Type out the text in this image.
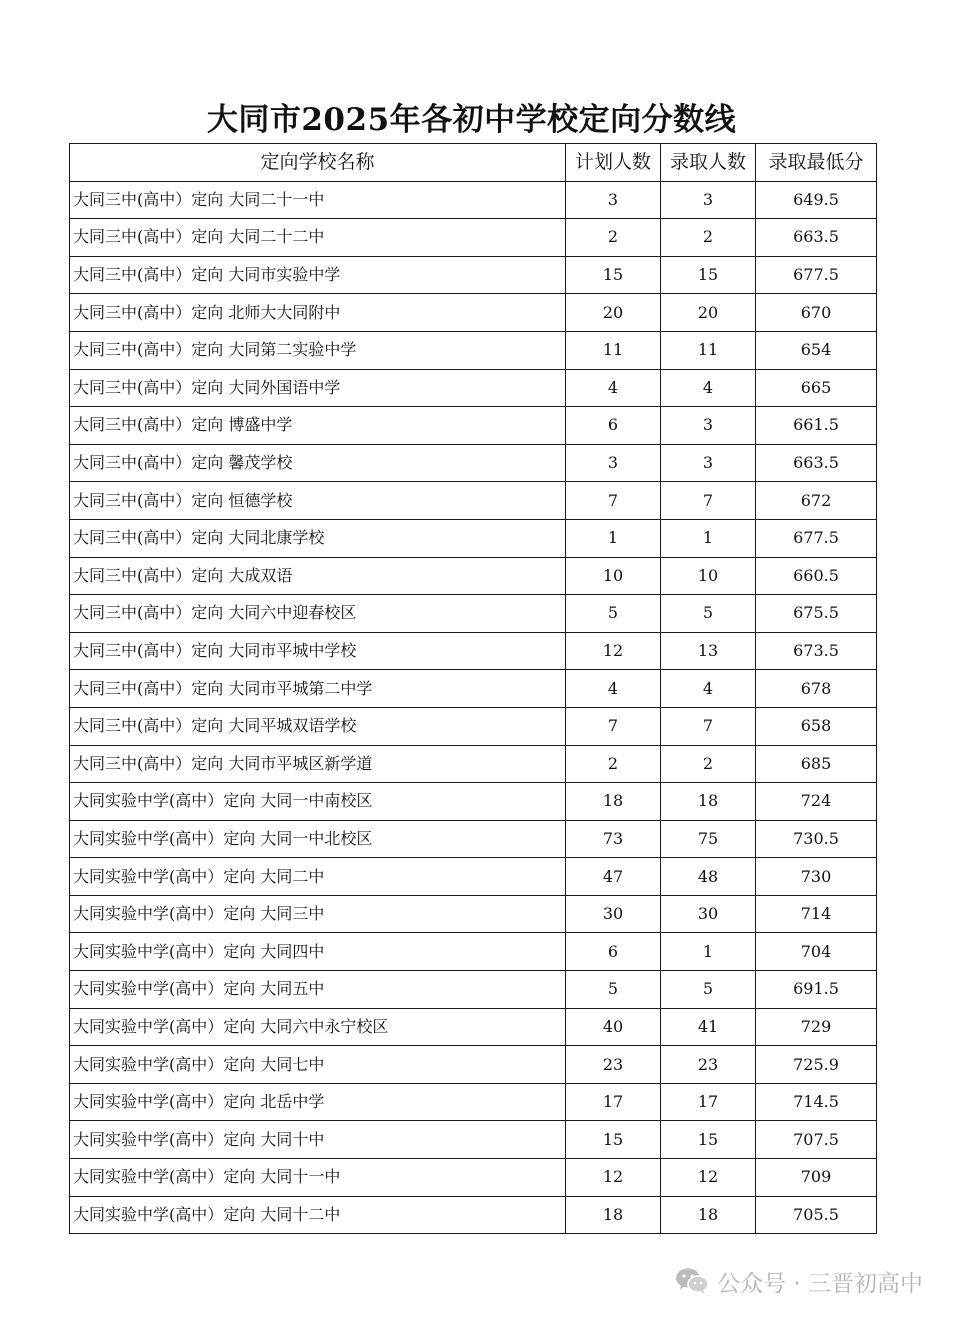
大同市2025年各初中学校定向分数线
定向学校名称	计划人数	录取人数	录取最低分
大同三中(高中）定向 大同二十一中	3	3	649.5
大同三中(高中）定向 大同二十二中	2	2	663.5
大同三中(高中）定向 大同市实验中学	15	15	677.5
大同三中(高中）定向 北师大大同附中	20	20	670
大同三中(高中）定向 大同第二实验中学	11	11	654
大同三中(高中）定向 大同外国语中学	4	4	665
大同三中(高中）定向 博盛中学	6	3	661.5
大同三中(高中）定向 馨茂学校	3	3	663.5
大同三中(高中）定向 恒德学校	7	7	672
大同三中(高中）定向 大同北康学校	1	1	677.5
大同三中(高中）定向 大成双语	10	10	660.5
大同三中(高中）定向 大同六中迎春校区	5	5	675.5
大同三中(高中）定向 大同市平城中学校	12	13	673.5
大同三中(高中）定向 大同市平城第二中学	4	4	678
大同三中(高中）定向 大同平城双语学校	7	7	658
大同三中(高中）定向 大同市平城区新学道	2	2	685
大同实验中学(高中）定向 大同一中南校区	18	18	724
大同实验中学(高中）定向 大同一中北校区	73	75	730.5
大同实验中学(高中）定向 大同二中	47	48	730
大同实验中学(高中）定向 大同三中	30	30	714
大同实验中学(高中）定向 大同四中	6	1	704
大同实验中学(高中）定向 大同五中	5	5	691.5
大同实验中学(高中）定向 大同六中永宁校区	40	41	729
大同实验中学(高中）定向 大同七中	23	23	725.9
大同实验中学(高中）定向 北岳中学	17	17	714.5
大同实验中学(高中）定向 大同十中	15	15	707.5
大同实验中学(高中）定向 大同十一中	12	12	709
大同实验中学(高中）定向 大同十二中	18	18	705.5
公众号 · 三晋初高中
